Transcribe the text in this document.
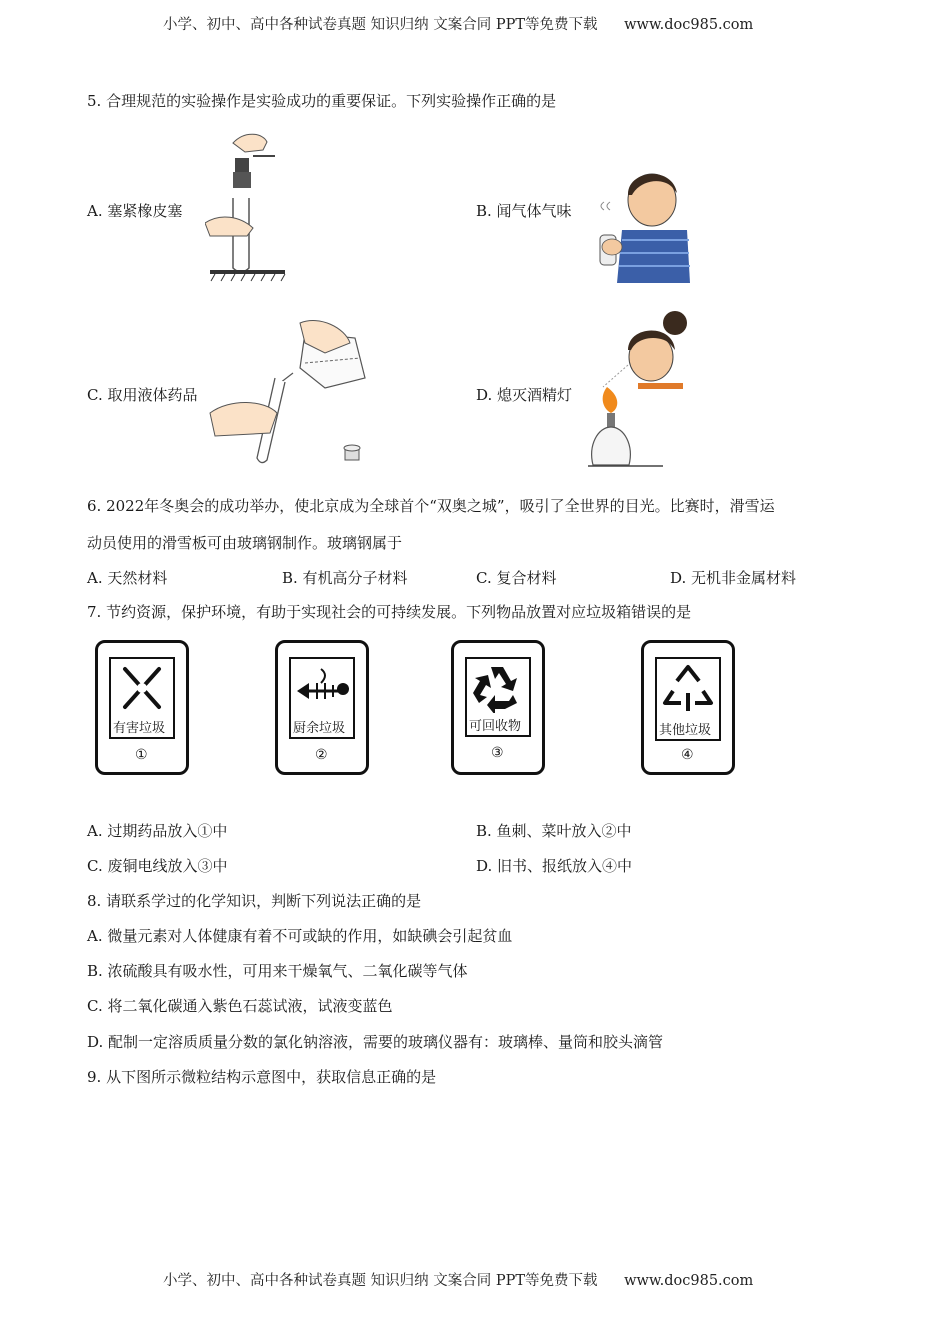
小学、初中、高中各种试卷真题 知识归纳 文案合同 PPT等免费下载 www.doc985.com
5. 合理规范的实验操作是实验成功的重要保证。下列实验操作正确的是
A. 塞紧橡皮塞	B. 闻气体气味
C. 取用液体药品	D. 熄灭酒精灯
6. 2022年冬奥会的成功举办，使北京成为全球首个“双奥之城”，吸引了全世界的目光。比赛时，滑雪运
动员使用的滑雪板可由玻璃钢制作。玻璃钢属于
A. 天然材料	B. 有机高分子材料	C. 复合材料	D. 无机非金属材料
7. 节约资源，保护环境，有助于实现社会的可持续发展。下列物品放置对应垃圾箱错误的是
有害垃圾
①
厨余垃圾
②
可回收物
③
其他垃圾
④
A. 过期药品放入①中	B. 鱼刺、菜叶放入②中
C. 废铜电线放入③中	D. 旧书、报纸放入④中
8. 请联系学过的化学知识，判断下列说法正确的是
A. 微量元素对人体健康有着不可或缺的作用，如缺碘会引起贫血
B. 浓硫酸具有吸水性，可用来干燥氧气、二氧化碳等气体
C. 将二氧化碳通入紫色石蕊试液，试液变蓝色
D. 配制一定溶质质量分数的氯化钠溶液，需要的玻璃仪器有：玻璃棒、量筒和胶头滴管
9. 从下图所示微粒结构示意图中，获取信息正确的是
小学、初中、高中各种试卷真题 知识归纳 文案合同 PPT等免费下载 www.doc985.com
